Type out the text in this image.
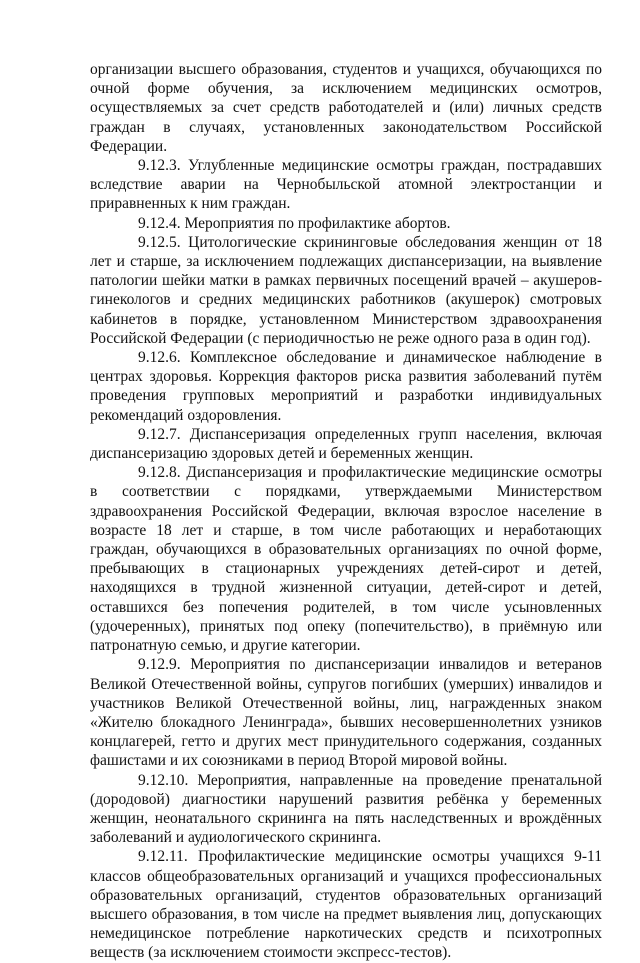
организации высшего образования, студентов и учащихся, обучающихся по очной форме обучения, за исключением медицинских осмотров, осуществляемых за счет средств работодателей и (или) личных средств граждан в случаях, установленных законодательством Российской Федерации.

9.12.3. Углубленные медицинские осмотры граждан, пострадавших вследствие аварии на Чернобыльской атомной электростанции и приравненных к ним граждан.

9.12.4. Мероприятия по профилактике абортов.

9.12.5. Цитологические скрининговые обследования женщин от 18 лет и старше, за исключением подлежащих диспансеризации, на выявление патологии шейки матки в рамках первичных посещений врачей – акушеров-гинекологов и средних медицинских работников (акушерок) смотровых кабинетов в порядке, установленном Министерством здравоохранения Российской Федерации (с периодичностью не реже одного раза в один год).

9.12.6. Комплексное обследование и динамическое наблюдение в центрах здоровья. Коррекция факторов риска развития заболеваний путём проведения групповых мероприятий и разработки индивидуальных рекомендаций оздоровления.

9.12.7. Диспансеризация определенных групп населения, включая диспансеризацию здоровых детей и беременных женщин.

9.12.8. Диспансеризация и профилактические медицинские осмотры в соответствии с порядками, утверждаемыми Министерством здравоохранения Российской Федерации, включая взрослое население в возрасте 18 лет и старше, в том числе работающих и неработающих граждан, обучающихся в образовательных организациях по очной форме, пребывающих в стационарных учреждениях детей-сирот и детей, находящихся в трудной жизненной ситуации, детей-сирот и детей, оставшихся без попечения родителей, в том числе усыновленных (удочеренных), принятых под опеку (попечительство), в приёмную или патронатную семью, и другие категории.

9.12.9. Мероприятия по диспансеризации инвалидов и ветеранов Великой Отечественной войны, супругов погибших (умерших) инвалидов и участников Великой Отечественной войны, лиц, награжденных знаком «Жителю блокадного Ленинграда», бывших несовершеннолетних узников концлагерей, гетто и других мест принудительного содержания, созданных фашистами и их союзниками в период Второй мировой войны.

9.12.10. Мероприятия, направленные на проведение пренатальной (дородовой) диагностики нарушений развития ребёнка у беременных женщин, неонатального скрининга на пять наследственных и врождённых заболеваний и аудиологического скрининга.

9.12.11. Профилактические медицинские осмотры учащихся 9-11 классов общеобразовательных организаций и учащихся профессиональных образовательных организаций, студентов образовательных организаций высшего образования, в том числе на предмет выявления лиц, допускающих немедицинское потребление наркотических средств и психотропных веществ (за исключением стоимости экспресс-тестов).
